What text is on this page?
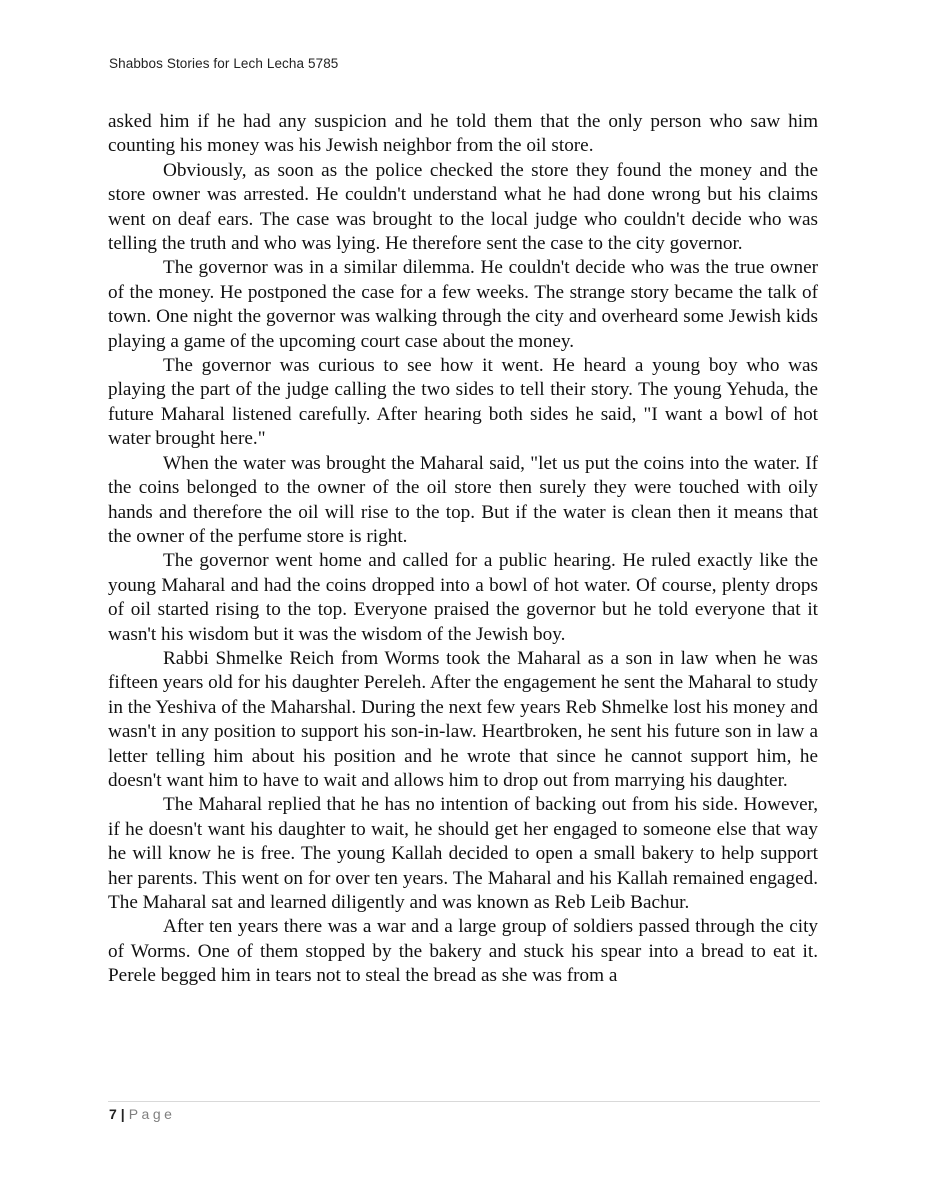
Shabbos Stories for Lech Lecha 5785

asked him if he had any suspicion and he told them that the only person who saw him counting his money was his Jewish neighbor from the oil store.

Obviously, as soon as the police checked the store they found the money and the store owner was arrested. He couldn't understand what he had done wrong but his claims went on deaf ears. The case was brought to the local judge who couldn't decide who was telling the truth and who was lying. He therefore sent the case to the city governor.

The governor was in a similar dilemma. He couldn't decide who was the true owner of the money. He postponed the case for a few weeks. The strange story became the talk of town. One night the governor was walking through the city and overheard some Jewish kids playing a game of the upcoming court case about the money.

The governor was curious to see how it went. He heard a young boy who was playing the part of the judge calling the two sides to tell their story. The young Yehuda, the future Maharal listened carefully. After hearing both sides he said, "I want a bowl of hot water brought here."

When the water was brought the Maharal said, "let us put the coins into the water. If the coins belonged to the owner of the oil store then surely they were touched with oily hands and therefore the oil will rise to the top. But if the water is clean then it means that the owner of the perfume store is right.

The governor went home and called for a public hearing. He ruled exactly like the young Maharal and had the coins dropped into a bowl of hot water. Of course, plenty drops of oil started rising to the top. Everyone praised the governor but he told everyone that it wasn't his wisdom but it was the wisdom of the Jewish boy.

Rabbi Shmelke Reich from Worms took the Maharal as a son in law when he was fifteen years old for his daughter Pereleh. After the engagement he sent the Maharal to study in the Yeshiva of the Maharshal. During the next few years Reb Shmelke lost his money and wasn't in any position to support his son-in-law. Heartbroken, he sent his future son in law a letter telling him about his position and he wrote that since he cannot support him, he doesn't want him to have to wait and allows him to drop out from marrying his daughter.

The Maharal replied that he has no intention of backing out from his side. However, if he doesn't want his daughter to wait, he should get her engaged to someone else that way he will know he is free. The young Kallah decided to open a small bakery to help support her parents. This went on for over ten years. The Maharal and his Kallah remained engaged. The Maharal sat and learned diligently and was known as Reb Leib Bachur.

After ten years there was a war and a large group of soldiers passed through the city of Worms. One of them stopped by the bakery and stuck his spear into a bread to eat it. Perele begged him in tears not to steal the bread as she was from a

7 | Page
